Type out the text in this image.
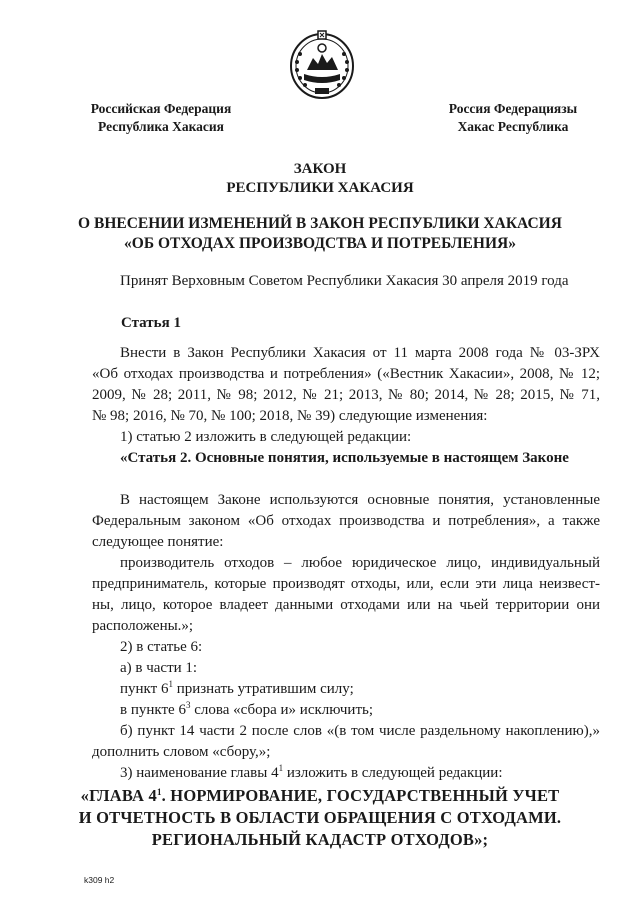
Российская Федерация
Республика Хакасия
Россия Федерациязы
Хакас Республика
ЗАКОН
РЕСПУБЛИКИ ХАКАСИЯ
О ВНЕСЕНИИ ИЗМЕНЕНИЙ В ЗАКОН РЕСПУБЛИКИ ХАКАСИЯ
«ОБ ОТХОДАХ ПРОИЗВОДСТВА И ПОТРЕБЛЕНИЯ»
Принят Верховным Советом Республики Хакасия 30 апреля 2019 года
Статья 1
Внести в Закон Республики Хакасия от 11 марта 2008 года № 03-ЗРХ
«Об отходах производства и потребления» («Вестник Хакасии», 2008, № 12;
2009, № 28; 2011, № 98; 2012, № 21; 2013, № 80; 2014, № 28; 2015, № 71,
№ 98; 2016, № 70, № 100; 2018, № 39) следующие изменения:
1) статью 2 изложить в следующей редакции:
«Статья 2. Основные понятия, используемые в настоящем Законе
В настоящем Законе используются основные понятия, установленные
Федеральным законом «Об отходах производства и потребления», а также
следующее понятие:
производитель отходов – любое юридическое лицо, индивидуальный
предприниматель, которые производят отходы, или, если эти лица неизвест-
ны, лицо, которое владеет данными отходами или на чьей территории они
расположены.»;
2) в статье 6:
а) в части 1:
пункт $6^1$ признать утратившим силу;
в пункте $6^3$ слова «сбора и» исключить;
б) пункт 14 части 2 после слов «(в том числе раздельному накоплению),»
дополнить словом «сбору,»;
3) наименование главы $4^1$ изложить в следующей редакции:
«ГЛАВА $4^1$. НОРМИРОВАНИЕ, ГОСУДАРСТВЕННЫЙ УЧЕТ
И ОТЧЕТНОСТЬ В ОБЛАСТИ ОБРАЩЕНИЯ С ОТХОДАМИ.
РЕГИОНАЛЬНЫЙ КАДАСТР ОТХОДОВ»;
k309 h2
